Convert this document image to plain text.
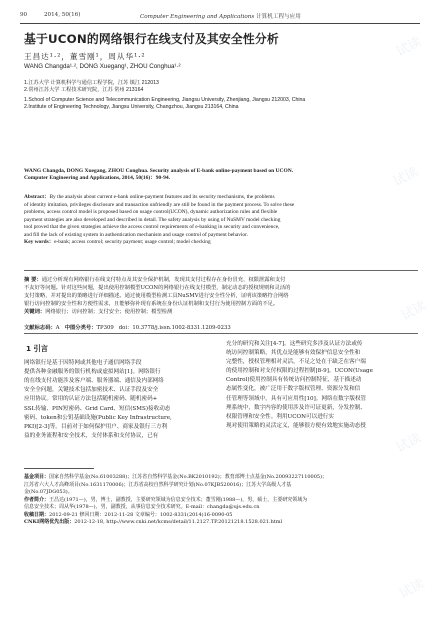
90	2014, 50(16)	Computer Engineering and Applications 计算机工程与应用
基于UCON的网络银行在线支付及其安全性分析
王昌达¹·²，董雪刚¹，周从华¹·²
WANG Changda¹·², DONG Xuegang¹, ZHOU Conghua¹·²

1.江苏大学 计算机科学与通信工程学院，江苏 镇江 212013

2.常州江苏大学 工程技术研究院，江苏 常州 213164

1.School of Computer Science and Telecommunication Engineering, Jiangsu University, Zhenjiang, Jiangsu 212003, China

2.Institute of Engineering Technology, Jiangsu University, Changzhou, Jiangsu 213164, China

WANG Changda, DONG Xuegang, ZHOU Conghua. Security analysis of E-bank online-payment based on UCON.

Computer Engineering and Applications, 2014, 50(16)：90-94.

Abstract：By the analysis about current e-bank online-payment features and its security mechanisms, the problems

of identity imitation, privileges disclosure and transaction unfriendly are still be found in the payment process. To solve these

problems, access control model is proposed based on usage control(UCON), dynamic authorization rules and flexible

payment strategies are also developed and described in detail. The safety analysis by using of NuSMV model checking

tool proved that the given strategies achieve the access control requirements of e-banking in security and convenience,

and fill the lack of existing system in authentication mechanism and usage control of payment behavior.

Key words：e-bank; access control; security payment; usage control; model checking

摘 要：通过分析现有网络银行在线支付特点及其安全保护机制，发现其支付过程存在身份冒充、权限泄露和支付

不友好等问题。针对这些问题，提出使用控制模型UCON的网络银行在线支付模型，制定动态的授权规则和灵活的

支付策略，并对提出的策略进行详细描述。通过使用模型检测工具NuSMV进行安全性分析，证明该策略符合网络

银行访问控制的安全性和方便性需求，且能够弥补现有系统在身份认证机制和支付行为使用控制方面的不足。

关键词：网络银行；访问控制；支付安全；使用控制；模型检测

文献标志码：A 中图分类号：TP309 doi：10.3778/j.issn.1002-8331.1209-0233

1 引言

网络银行是基于因特网或其他电子通信网络手段

提供各种金融服务的银行机构或虚拟网站[1]。网络银行

的在线支付功能涉及客户端、服务器端、通信及内部网络

安全全问题，关键技术包括加密技术、认证手段及安全

应用协议。常用的认证方法包括随机密码、随机密码+

SSL传输、PIN短密码、Grid Card、短信(SMS)接收动态

密码、token和公钥基础设施(Public Key Infrastructure,

PKI)[2-3]等。目前对于如何保护用户、商家及银行三方利

益的业务流程和安全技术，支付体系和支付协议，已有

充分的研究和关注[4-7]。这些研究多涉及认证方法或传

统访问控制策略，其优点是能够有效保护信息安全性和

完整性，授权管理相对灵活，不足之处在于缺乏在客户端

的使用控制和对支付权限的过程控制[8-9]。UCON(Usage

Control)使用控制具有传统访问控制特征，基于描述动

态属性变化，被广泛用于数字版权管理、资源分发和信

任管理等领域中，具有可应用性[10]。网络在数字版权管

理系统中，数字内容的使用涉及许可证更新，分发控制、

权限管理和安全性。利用UCON可以进行实

现对使用策略的灵活定义，能够很方便有效地实施动态授

基金项目：国家自然科学基金(No.61003288)；江苏省自然科学基金(No.BK2010192)；教育部博士点基金(No.20093227110005)；

江苏省六大人才高峰项目(No.1631170006)；江苏省高校自然科学研究计划(No.07KJB520016)；江苏大学高级人才基

金(No.07JDG053)。

作者简介：王昌达(1971—)，男，博士，副教授，主要研究领域为信息安全技术；董雪刚(1988—)，男，硕士，主要研究领域为

信息安全技术；周从华(1978—)，男，副教授，从事信息安全技术研究。E-mail：changda@ujs.edu.cn

收稿日期：2012-09-21 修回日期：2012-11-28 文章编号：1002-8331(2014)16-0090-05

CNKI网络优先出版：2012-12-18, http://www.cnki.net/kcms/detail/11.2127.TP.20121218.1528.021.html

试读
试读
试读
试读
试读
